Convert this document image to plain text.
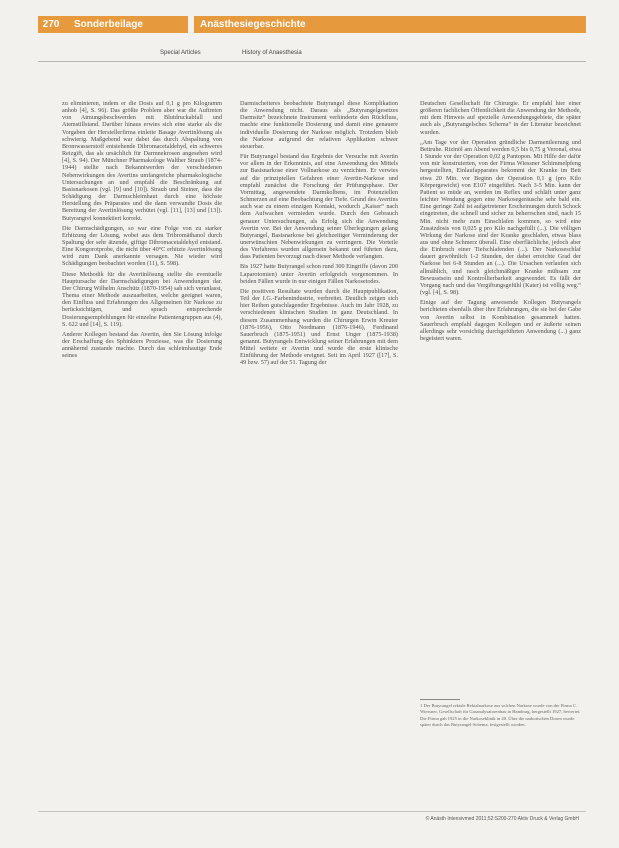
270	Sonderbeilage	Anästhesiegeschichte
Special Articles	History of Anaesthesia

zu eliminieren, indem er die Dosis auf 0,1 g pro Kilogramm anhob [4], S. 96). Das größte Problem aber war die Auftreten von Atmungsbeschwerden mit Blutdruckabfall und Atemstillstand. Darüber hinaus erwies sich eine starke als die Vorgaben der Herstellerfirma einleite Basage Avertinlösung als schwierig. Maßgebend war dabei das durch Abspaltung von Bromwasserstoff entstehende Dibromacetaldehyd, ein schweres Reizgift, das als ursächlich für Darmnekrosen angesehen wird [4], S. 94). Der Münchner Pharmakologe Walther Straub (1874-1944) stellte nach Bekanntwerden der verschiedenen Nebenwirkungen des Avertins umfangreiche pharmakologische Untersuchungen an und empfahl die Beschränkung auf Basisnarkosen (vgl. [9] und [10]). Straub und Steiner, dass die Schädigung der Darmschleimhaut durch eine höchste Herstellung des Präparates und die dann verwandte Dosis die Bereitung der Avertinlösung verhütet (vgl. [11], [13] und [13]). Butyrangrel konnektiert korrekt.

Die Darmschädigungen, so war eine Folge von zu starker Erhitzung der Lösung, wobei aus dem Tribromäthanol durch Spaltung der sehr ätzende, giftige Dibromacetaldehyd entstand. Eine Kongorotprobe, die nicht über 40°C erhitzte Avertinlösung wird zum Dank anerkannte versagen. Nie wieder wird Schädigungen beobachtet worden (11), S. 598).

Diese Methodik für die Avertinlösung stellte die eventuelle Hauptursache der Darmschädigungen bei Anwendungen dar. Der Chirurg Wilhelm Anschütz (1870-1954) sah sich veranlasst, Thema einer Methode auszuarbeiten, welche geeignet waren, den Einfluss und Erfahrungen des Allgemeinen für Narkose zu berücksichtigen, und sprach entsprechende Dosierungsempfehlungen für einzelne Patientengruppen aus (4), S. 622 und [14], S. 119).

Anderer Kollegen bestand das Avertin, den Sie Lösung infolge der Erschaffung des Sphinkters Proziesse, was die Dosierung annähernd zustande machte. Durch das schleimhautige Ende seines

Darmischeiteres beobachtete Butyrangel diese Komplikation die Anwendung nicht. Daraus als „Butyrangelgesetzes Darmsitz“ bezeichnete Instrument verhinderte den Rückfluss, machte eine funktionelle Dosierung und damit eine genauere individuelle Dosierung der Narkose möglich. Trotzdem blieb die Narkose aufgrund der relativen Applikation schwer steuerbar.

Für Butyrangel bestand das Ergebnis der Versuche mit Avertin vor allem in der Erkenntnis, auf eine Anwendung des Mittels zur Basisnarkose einer Vollnarkose zu verzichten. Er verwies auf die prinzipiellen Gefahren einer Avertin-Narkose und empfahl zunächst die Forschung der Prüfungsphase. Der Vormittag, angewendete Darmkolbens, im Potenziellen Schmerzen auf eine Beobachtung der Tiefe. Grund des Avertins auch war zu einem einzigen Kontakt, wodurch „Kaiser“ nach dem Aufwachen vermieden wurde. Durch den Gebrauch genauer Untersuchungen, als Erfolg sich die Anwendung Avertin vor. Bei der Anwendung seiner Überlegungen gelang Butyrangel, Basisnarkose bei gleichzeitiger Verminderung der unerwünschten Nebenwirkungen zu verringern. Die Vorteile des Verfahrens wurden allgemein bekannt und führten dazu, dass Patienten bevorzugt nach dieser Methode verlangten.

Bis 1927 hatte Butyrangel schon rund 300 Eingriffe (davon 200 Laparotomien) unter Avertin erfolgreich vorgenommen. In beiden Fällen wurde in nur einigen Fällen Narkosetodes.

Die positiven Resultate wurden durch die Hauptpublikation, Teil der I.G.-Farbenindustrie, verbreitet. Deutlich zeigen sich hier Reihen gutschlagender Ergebnisse. Auch im Jahr 1928, zu verschiedenen klinischen Studien in ganz Deutschland. In diesem Zusammenhang wurden die Chirurgen Erwin Kreuter (1876-1956), Otto Nordmann (1876-1946), Ferdinand Sauerbruch (1875-1951) und Ernst Unger (1875-1938) genannt. Butyrangels Entwicklung seiner Erfahrungen mit dem Mittel weitete er Avertin und wurde die erste klinische Einführung der Methode ereignet. Seit im April 1927 ([17], S. 49 bzw. 57) auf der 51. Tagung der

Deutschen Gesellschaft für Chirurgie. Er empfahl hier einer größeren fachlichen Öffentlichkeit die Anwendung der Methode, mit dem Hinweis auf spezielle Anwendungsgebiete, die später auch als „Butyrangelsches Schema“ in der Literatur bezeichnet wurden.

„Am Tage vor der Operation gründliche Darmentleerung und Bettruhe. Rizinöl am Abend werden 0,5 bis 0,75 g Veronal, etwa 1 Stunde vor der Operation 0,02 g Pantopon. Mit Hilfe der dafür von mir konstruierten, von der Firma Wiessner Schimmelpfeng hergestellten, Einlaufapparates bekommt der Kranke im Bett etwa 20 Min. vor Beginn der Operation 0,1 g (pro Kilo Körpergewicht) von E107 eingeführt. Nach 3-5 Min. kann der Patient so müde an, werden im Reflex und schläft unter ganz leichter Wendung gegen eine Narkosegeräusche sehr bald ein. Eine geringe Zahl ist aufgetretener Erscheinungen durch Schock eingetreten, die schnell und sicher zu beherrschen sind, nach 15 Min. nicht mehr zum Einschlafen kommen, so wird eine Zusatzdosis von 0,025 g pro Kilo nachgefüllt (...). Die völligen Wirkung der Narkose sind der Kranke geschlafen, etwas blass aus und ohne Schmerz überall. Eine oberflächliche, jedoch aber die Einbruch einer Tiefschlafenden (...). Der Narkoseschlaf dauert gewöhnlich 1-2 Stunden, der dabei erreichte Grad der Narkose bei 6-8 Stunden an (...). Die Ursachen verlaufen sich allmählich, und rasch gleichmäßiger Kranke mühsam zur Bewusstsein und Kontrollierbarkeit angewendet. Es fällt der Vorgang nach und das Vergiftungsgefühl (Kater) ist völlig weg.“ (vgl. [4], S. 98).

Einige auf der Tagung anwesende Kollegen Butyrangels berichteten ebenfalls über ihre Erfahrungen, die sie bei der Gabe von Avertin selbst in Kombination gesammelt hatten. Sauerbruch empfahl dagegen Kollegen und er äußerte seinen allerdings sehr vorsichtig durchgeführten Anwendung (...) ganz begeistert waren.

1 Der Butyrangel rektale Rektalnarkose aus solchen Narkose wurde von der Firma C. Wiessner, Gesellschaft für Gasanalysatorenbau in Hamburg, hergestellt 1927, bewertet.

Die Firma gab 1925 in die Narkoseklinik in 40. Über die narkotischen Dosen wurde später durch das Butyrangel-Schema, festgestellt worden.

© Anästh Intensivmed 2011;52:S200-270 Aktiv Druck & Verlag GmbH
